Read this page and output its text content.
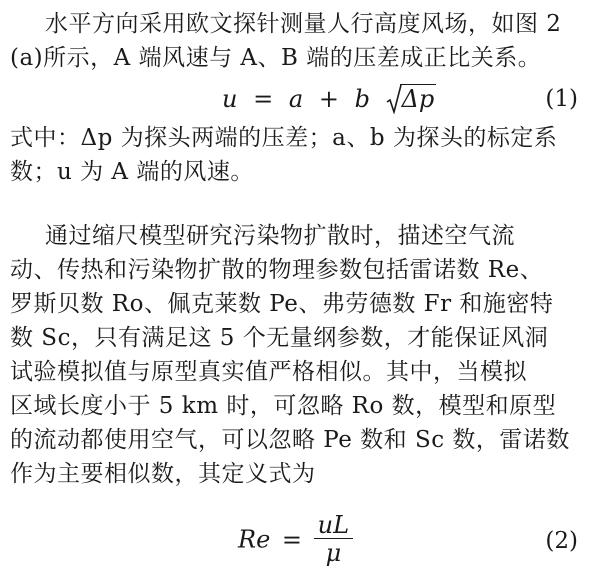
水平方向采用欧文探针测量人行高度风场，如图 2
(a)所示，A 端风速与 A、B 端的压差成正比关系。
u = a + b Δp	(1)
式中：Δp 为探头两端的压差；a、b 为探头的标定系
数；u 为 A 端的风速。
通过缩尺模型研究污染物扩散时，描述空气流
动、传热和污染物扩散的物理参数包括雷诺数 Re、
罗斯贝数 Ro、佩克莱数 Pe、弗劳德数 Fr 和施密特
数 Sc，只有满足这 5 个无量纲参数，才能保证风洞
试验模拟值与原型真实值严格相似。其中，当模拟
区域长度小于 5 km 时，可忽略 Ro 数，模型和原型
的流动都使用空气，可以忽略 Pe 数和 Sc 数，雷诺数
作为主要相似数，其定义式为
$Re = \frac{uL}{\mu}$	(2)
